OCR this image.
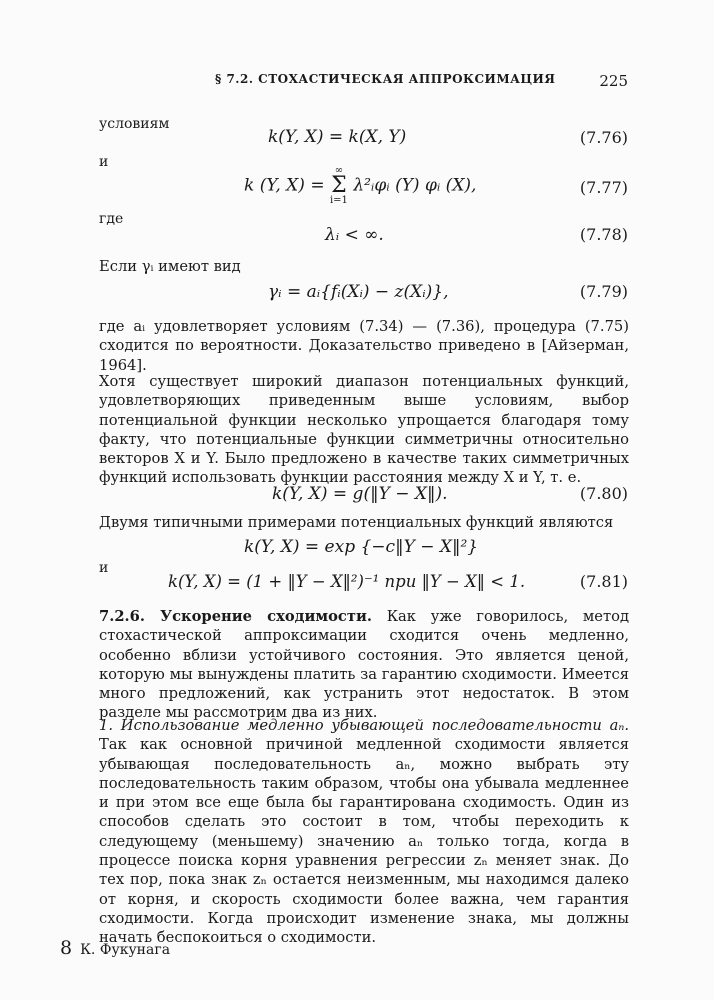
§ 7.2. СТОХАСТИЧЕСКАЯ АППРОКСИМАЦИЯ	225
условиям
k(Y, X) = k(X, Y)	(7.76)
и
k (Y, X) =
∞
Σ
i=1
λ²ᵢφᵢ (Y) φᵢ (X),	(7.77)
где
λᵢ < ∞.	(7.78)
Если γᵢ имеют вид
γᵢ = aᵢ{fᵢ(Xᵢ) − z(Xᵢ)},	(7.79)

где aᵢ удовлетворяет условиям (7.34) — (7.36), процедура (7.75) сходится по вероятности. Доказательство приведено в [Айзерман, 1964].

Хотя существует широкий диапазон потенциальных функций, удовлетворяющих приведенным выше условиям, выбор потенциальной функции несколько упрощается благодаря тому факту, что потенциальные функции симметричны относительно векторов X и Y. Было предложено в качестве таких симметричных функций использовать функции расстояния между X и Y, т. е.

k(Y, X) = g(‖Y − X‖).	(7.80)
Двумя типичными примерами потенциальных функций являются
k(Y, X) = exp {−c‖Y − X‖²}
и
k(Y, X) = (1 + ‖Y − X‖²)⁻¹ при ‖Y − X‖ < 1.	(7.81)

7.2.6. Ускорение сходимости. Как уже говорилось, метод стохастической аппроксимации сходится очень медленно, особенно вблизи устойчивого состояния. Это является ценой, которую мы вынуждены платить за гарантию сходимости. Имеется много предложений, как устранить этот недостаток. В этом разделе мы рассмотрим два из них.

1. Использование медленно убывающей последовательности aₙ. Так как основной причиной медленной сходимости является убывающая последовательность aₙ, можно выбрать эту последовательность таким образом, чтобы она убывала медленнее и при этом все еще была бы гарантирована сходимость. Один из способов сделать это состоит в том, чтобы переходить к следующему (меньшему) значению aₙ только тогда, когда в процессе поиска корня уравнения регрессии zₙ меняет знак. До тех пор, пока знак zₙ остается неизменным, мы находимся далеко от корня, и скорость сходимости более важна, чем гарантия сходимости. Когда происходит изменение знака, мы должны начать беспокоиться о сходимости.

8 К. Фукунага
